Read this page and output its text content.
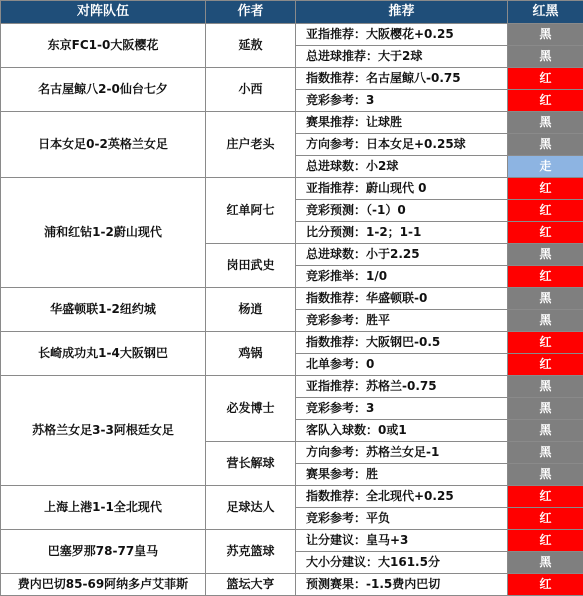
对阵队伍	作者	推荐	红黑
东京FC1-0大阪樱花	延敖	亚指推荐：大阪樱花+0.25	黑
		总进球推荐：大于2球	黑
名古屋鲸八2-0仙台七夕	小西	指数推荐：名古屋鲸八-0.75	红
		竞彩参考：3	红
日本女足0-2英格兰女足	庄户老头	赛果推荐：让球胜	黑
		方向参考：日本女足+0.25球	黑
		总进球数：小2球	走
浦和红钻1-2蔚山现代	红单阿七	亚指推荐：蔚山现代 0	红
		竞彩预测：（-1）0	红
		比分预测：1-2；1-1	红
	岗田武史	总进球数：小于2.25	黑
		竞彩推举：1/0	红
华盛顿联1-2纽约城	杨逍	指数推荐：华盛顿联-0	黑
		竞彩参考：胜平	黑
长崎成功丸1-4大阪钢巴	鸡锅	指数推荐：大阪钢巴-0.5	红
		北单参考：0	红
苏格兰女足3-3阿根廷女足	必发博士	亚指推荐：苏格兰-0.75	黑
		竞彩参考：3	黑
		客队入球数：0或1	黑
	营长解球	方向参考：苏格兰女足-1	黑
		赛果参考：胜	黑
上海上港1-1全北现代	足球达人	指数推荐：全北现代+0.25	红
		竞彩参考：平负	红
巴塞罗那78-77皇马	苏克篮球	让分建议：皇马+3	红
		大小分建议：大161.5分	黑
费内巴切85-69阿纳多卢艾菲斯	篮坛大亨	预测赛果：-1.5费内巴切	红
